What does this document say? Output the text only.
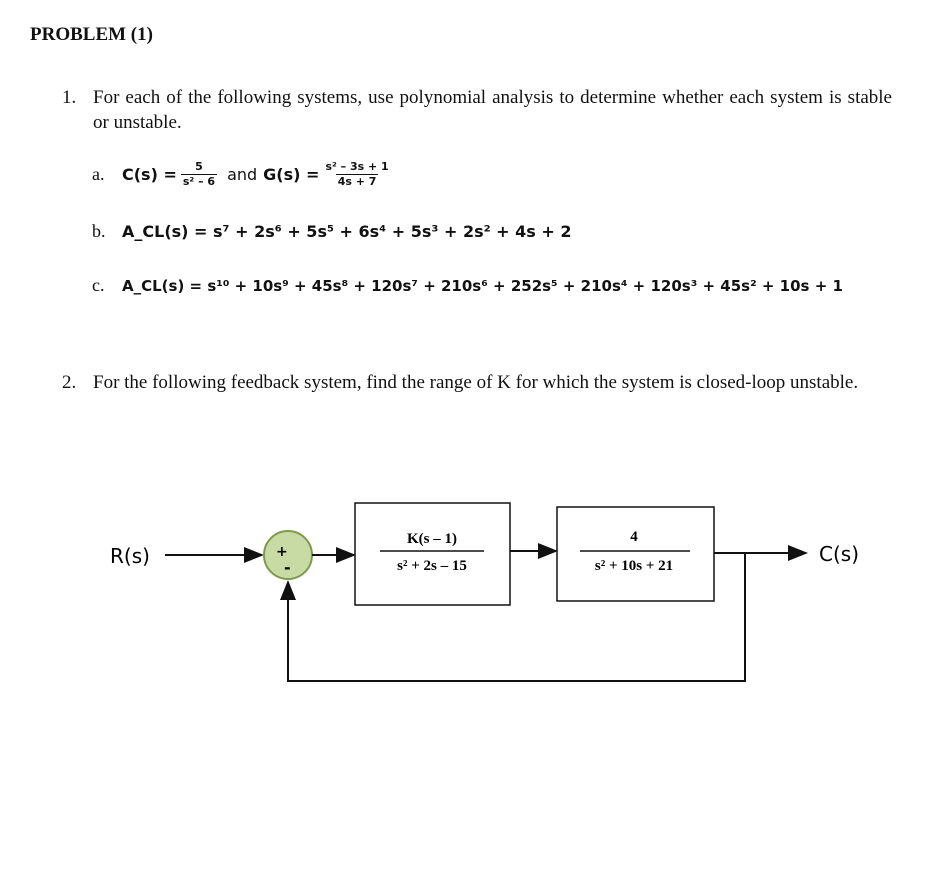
PROBLEM (1)
1. For each of the following systems, use polynomial analysis to determine whether each system is stable or unstable.
a.	$C(s) = \frac{5}{\text{s² – 6}}$ and $G(s) = \frac{\text{s² – 3s + 1}}{4s + 7}$
b.	A_CL(s) = s⁷ + 2s⁶ + 5s⁵ + 6s⁴ + 5s³ + 2s² + 4s + 2
c.	A_CL(s) = s¹⁰ + 10s⁹ + 45s⁸ + 120s⁷ + 210s⁶ + 252s⁵ + 210s⁴ + 120s³ + 45s² + 10s + 1
2. For the following feedback system, find the range of K for which the system is closed-loop unstable.
R(s)	+
-
K(s – 1)
s² + 2s – 15
4
s² + 10s + 21	C(s)
